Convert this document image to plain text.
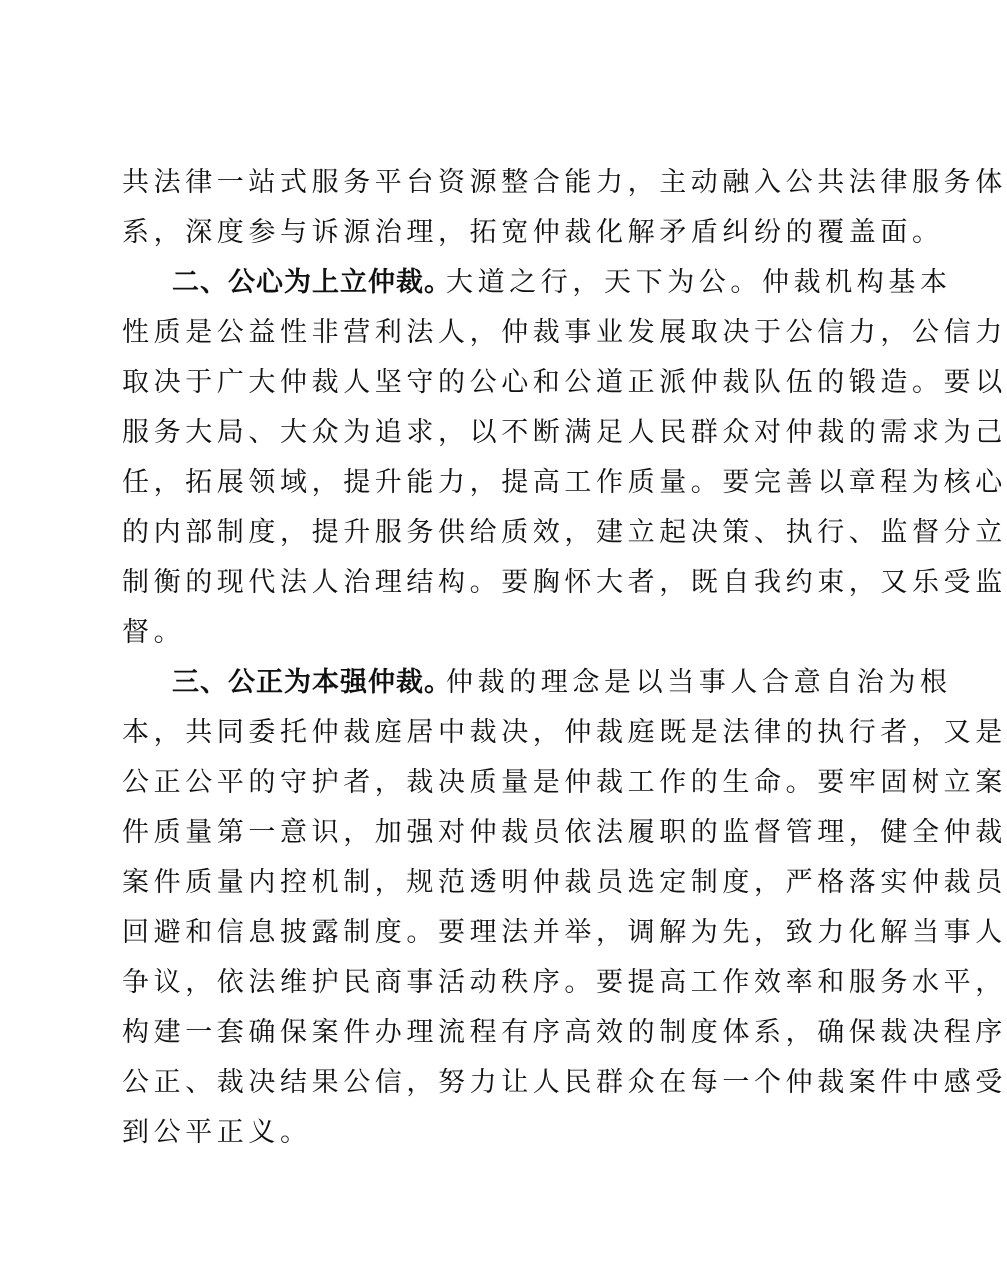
共法律一站式服务平台资源整合能力，主动融入公共法律服务体
系，深度参与诉源治理，拓宽仲裁化解矛盾纠纷的覆盖面。
二、公心为上立仲裁。
大道之行，天下为公。仲裁机构基本
性质是公益性非营利法人，仲裁事业发展取决于公信力，公信力
取决于广大仲裁人坚守的公心和公道正派仲裁队伍的锻造。要以
服务大局、大众为追求，以不断满足人民群众对仲裁的需求为己
任，拓展领域，提升能力，提高工作质量。要完善以章程为核心
的内部制度，提升服务供给质效，建立起决策、执行、监督分立
制衡的现代法人治理结构。要胸怀大者，既自我约束，又乐受监
督。
三、公正为本强仲裁。
仲裁的理念是以当事人合意自治为根
本，共同委托仲裁庭居中裁决，仲裁庭既是法律的执行者，又是
公正公平的守护者，裁决质量是仲裁工作的生命。要牢固树立案
件质量第一意识，加强对仲裁员依法履职的监督管理，健全仲裁
案件质量内控机制，规范透明仲裁员选定制度，严格落实仲裁员
回避和信息披露制度。要理法并举，调解为先，致力化解当事人
争议，依法维护民商事活动秩序。要提高工作效率和服务水平，
构建一套确保案件办理流程有序高效的制度体系，确保裁决程序
公正、裁决结果公信，努力让人民群众在每一个仲裁案件中感受
到公平正义。
